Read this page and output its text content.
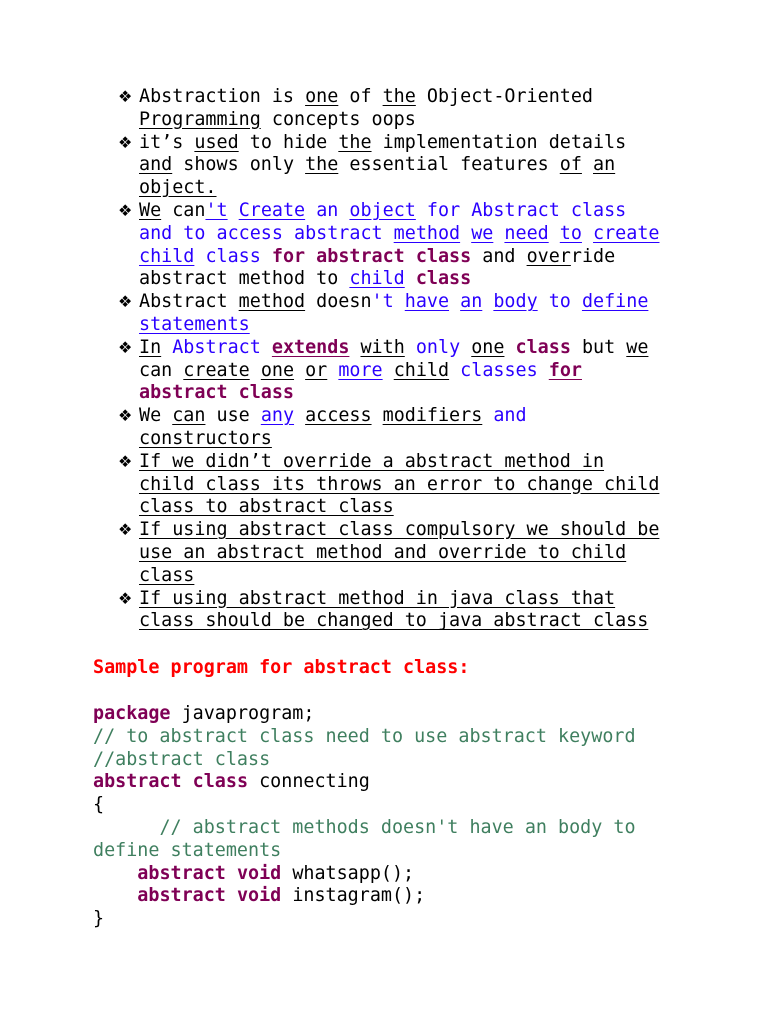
❖ Abstraction is one of the Object-Oriented
Programming concepts oops
❖ it’s used to hide the implementation details
and shows only the essential features of an
object.
❖ We can't Create an object for Abstract class
and to access abstract method we need to create
child class for abstract class and override
abstract method to child class
❖ Abstract method doesn't have an body to define
statements
❖ In Abstract extends with only one class but we
can create one or more child classes for
abstract class
❖ We can use any access modifiers and
constructors
❖ If we didn’t override a abstract method in
child class its throws an error to change child
class to abstract class
❖ If using abstract class compulsory we should be
use an abstract method and override to child
class
❖ If using abstract method in java class that
class should be changed to java abstract class
Sample program for abstract class:
package javaprogram;
// to abstract class need to use abstract keyword
//abstract class
abstract class connecting
{
// abstract methods doesn't have an body to
define statements
abstract void whatsapp();
abstract void instagram();
}
